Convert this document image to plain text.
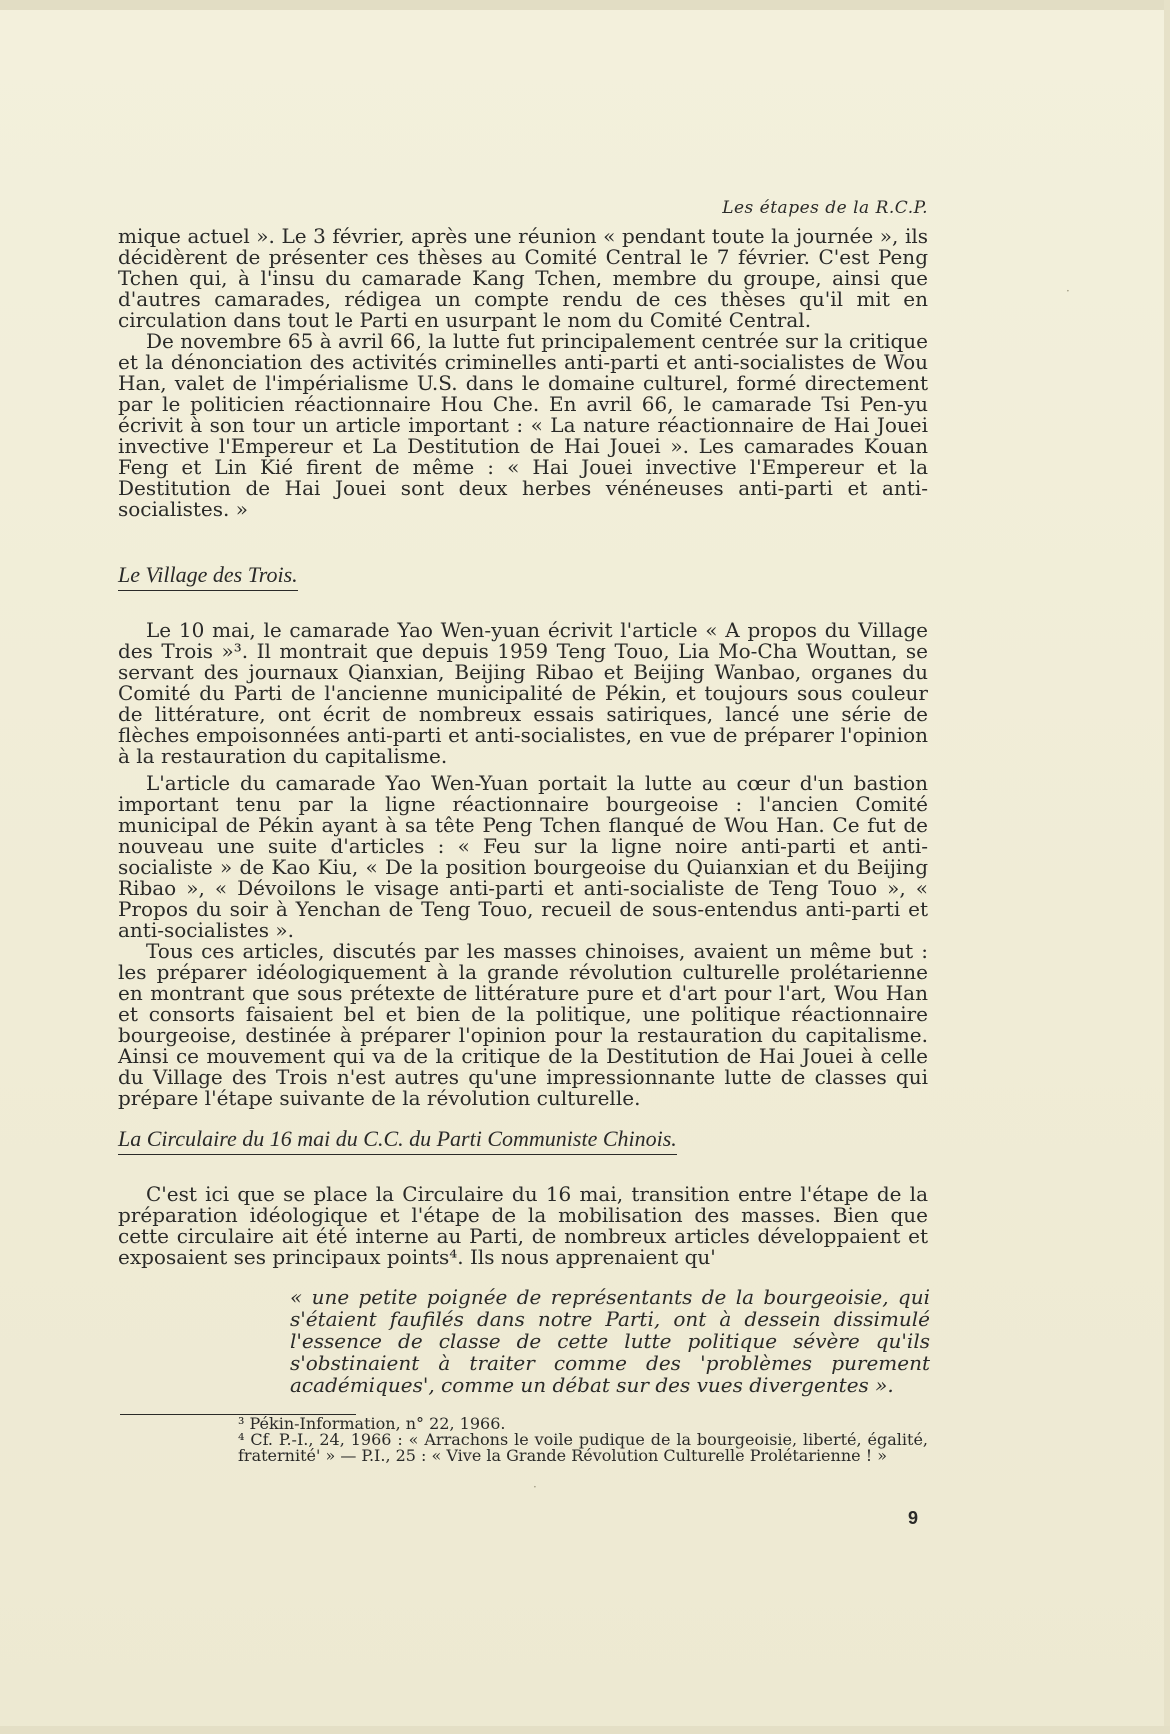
Les étapes de la R.C.P.

mique actuel ». Le 3 février, après une réunion « pendant toute la journée », ils décidèrent de présenter ces thèses au Comité Central le 7 février. C'est Peng Tchen qui, à l'insu du camarade Kang Tchen, membre du groupe, ainsi que d'autres camarades, rédigea un compte rendu de ces thèses qu'il mit en circulation dans tout le Parti en usurpant le nom du Comité Central.

De novembre 65 à avril 66, la lutte fut principalement centrée sur la critique et la dénonciation des activités criminelles anti-parti et anti-socialistes de Wou Han, valet de l'impérialisme U.S. dans le domaine culturel, formé directement par le politicien réactionnaire Hou Che. En avril 66, le camarade Tsi Pen-yu écrivit à son tour un article important : « La nature réactionnaire de Hai Jouei invective l'Empereur et La Destitution de Hai Jouei ». Les camarades Kouan Feng et Lin Kié firent de même : « Hai Jouei invective l'Empereur et la Destitution de Hai Jouei sont deux herbes vénéneuses anti-parti et anti-socialistes. »

Le Village des Trois.

Le 10 mai, le camarade Yao Wen-yuan écrivit l'article « A propos du Village des Trois »³. Il montrait que depuis 1959 Teng Touo, Lia Mo-Cha Wouttan, se servant des journaux Qianxian, Beijing Ribao et Beijing Wanbao, organes du Comité du Parti de l'ancienne municipalité de Pékin, et toujours sous couleur de littérature, ont écrit de nombreux essais satiriques, lancé une série de flèches empoisonnées anti-parti et anti-socialistes, en vue de préparer l'opinion à la restauration du capitalisme.

L'article du camarade Yao Wen-Yuan portait la lutte au cœur d'un bastion important tenu par la ligne réactionnaire bourgeoise : l'ancien Comité municipal de Pékin ayant à sa tête Peng Tchen flanqué de Wou Han. Ce fut de nouveau une suite d'articles : « Feu sur la ligne noire anti-parti et anti-socialiste » de Kao Kiu, « De la position bourgeoise du Quianxian et du Beijing Ribao », « Dévoilons le visage anti-parti et anti-socialiste de Teng Touo », « Propos du soir à Yenchan de Teng Touo, recueil de sous-entendus anti-parti et anti-socialistes ».

Tous ces articles, discutés par les masses chinoises, avaient un même but : les préparer idéologiquement à la grande révolution culturelle prolétarienne en montrant que sous prétexte de littérature pure et d'art pour l'art, Wou Han et consorts faisaient bel et bien de la politique, une politique réactionnaire bourgeoise, destinée à préparer l'opinion pour la restauration du capitalisme. Ainsi ce mouvement qui va de la critique de la Destitution de Hai Jouei à celle du Village des Trois n'est autres qu'une impressionnante lutte de classes qui prépare l'étape suivante de la révolution culturelle.

La Circulaire du 16 mai du C.C. du Parti Communiste Chinois.

C'est ici que se place la Circulaire du 16 mai, transition entre l'étape de la préparation idéologique et l'étape de la mobilisation des masses. Bien que cette circulaire ait été interne au Parti, de nombreux articles développaient et exposaient ses principaux points⁴. Ils nous apprenaient qu'

« une petite poignée de représentants de la bourgeoisie, qui s'étaient faufilés dans notre Parti, ont à dessein dissimulé l'essence de classe de cette lutte politique sévère qu'ils s'obstinaient à traiter comme des 'problèmes purement académiques', comme un débat sur des vues divergentes ».

³ Pékin-Information, n° 22, 1966.

⁴ Cf. P.-I., 24, 1966 : « Arrachons le voile pudique de la bourgeoisie, liberté, égalité, fraternité' » — P.I., 25 : « Vive la Grande Révolution Culturelle Prolétarienne ! »

9
·
·
